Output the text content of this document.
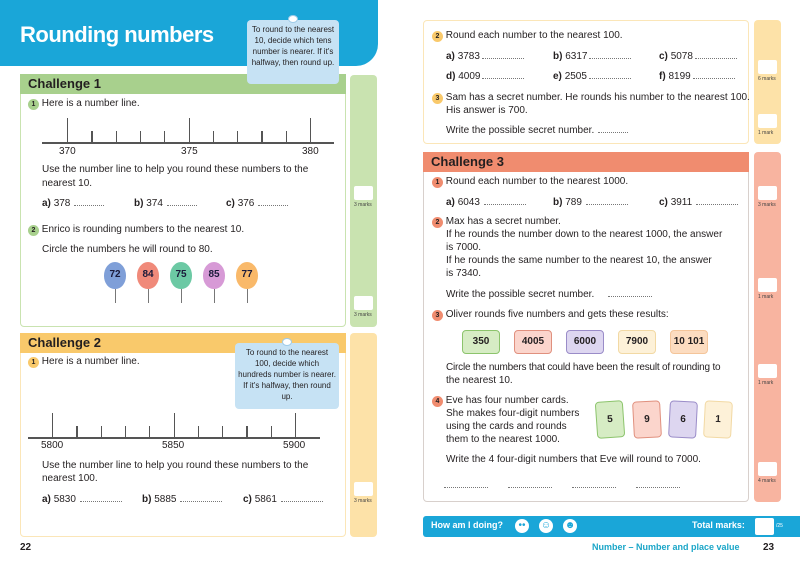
Rounding numbers	To round to the nearest 10, decide which tens number is nearer. If it's halfway, then round up.
Challenge 1
1 Here is a number line.
370	375	380
Use the number line to help you round these numbers to the
nearest 10.
a) 378	b) 374	c) 376	3 marks
2 Enrico is rounding numbers to the nearest 10.
Circle the numbers he will round to 80.
72	84	75	85	77
3 marks
Challenge 2
To round to the nearest 100, decide which hundreds number is nearer. If it's halfway, then round up.
1 Here is a number line.
5800	5850	5900
Use the number line to help you round these numbers to the
nearest 100.
a) 5830	b) 5885	c) 5861	3 marks
22
2 Round each number to the nearest 100.
a) 3783	b) 6317	c) 5078
d) 4009	e) 2505	f) 8199	6 marks
3 Sam has a secret number. He rounds his number to the nearest 100.
His answer is 700.
Write the possible secret number.	1 mark
Challenge 3
1 Round each number to the nearest 1000.
a) 6043	b) 789	c) 3911	3 marks
2 Max has a secret number.
If he rounds the number down to the nearest 1000, the answer
is 7000.
If he rounds the same number to the nearest 10, the answer
is 7340.
Write the possible secret number.	1 mark
3 Oliver rounds five numbers and gets these results:
350	4005	6000	7900	10 101
Circle the numbers that could have been the result of rounding to
the nearest 10.	1 mark
4 Eve has four number cards.
She makes four-digit numbers
using the cards and rounds
them to the nearest 1000.
5	9	6	1
Write the 4 four-digit numbers that Eve will round to 7000.
4 marks
How am I doing?	••	☺ ☻	Total marks:	/25
Number – Number and place value 23
